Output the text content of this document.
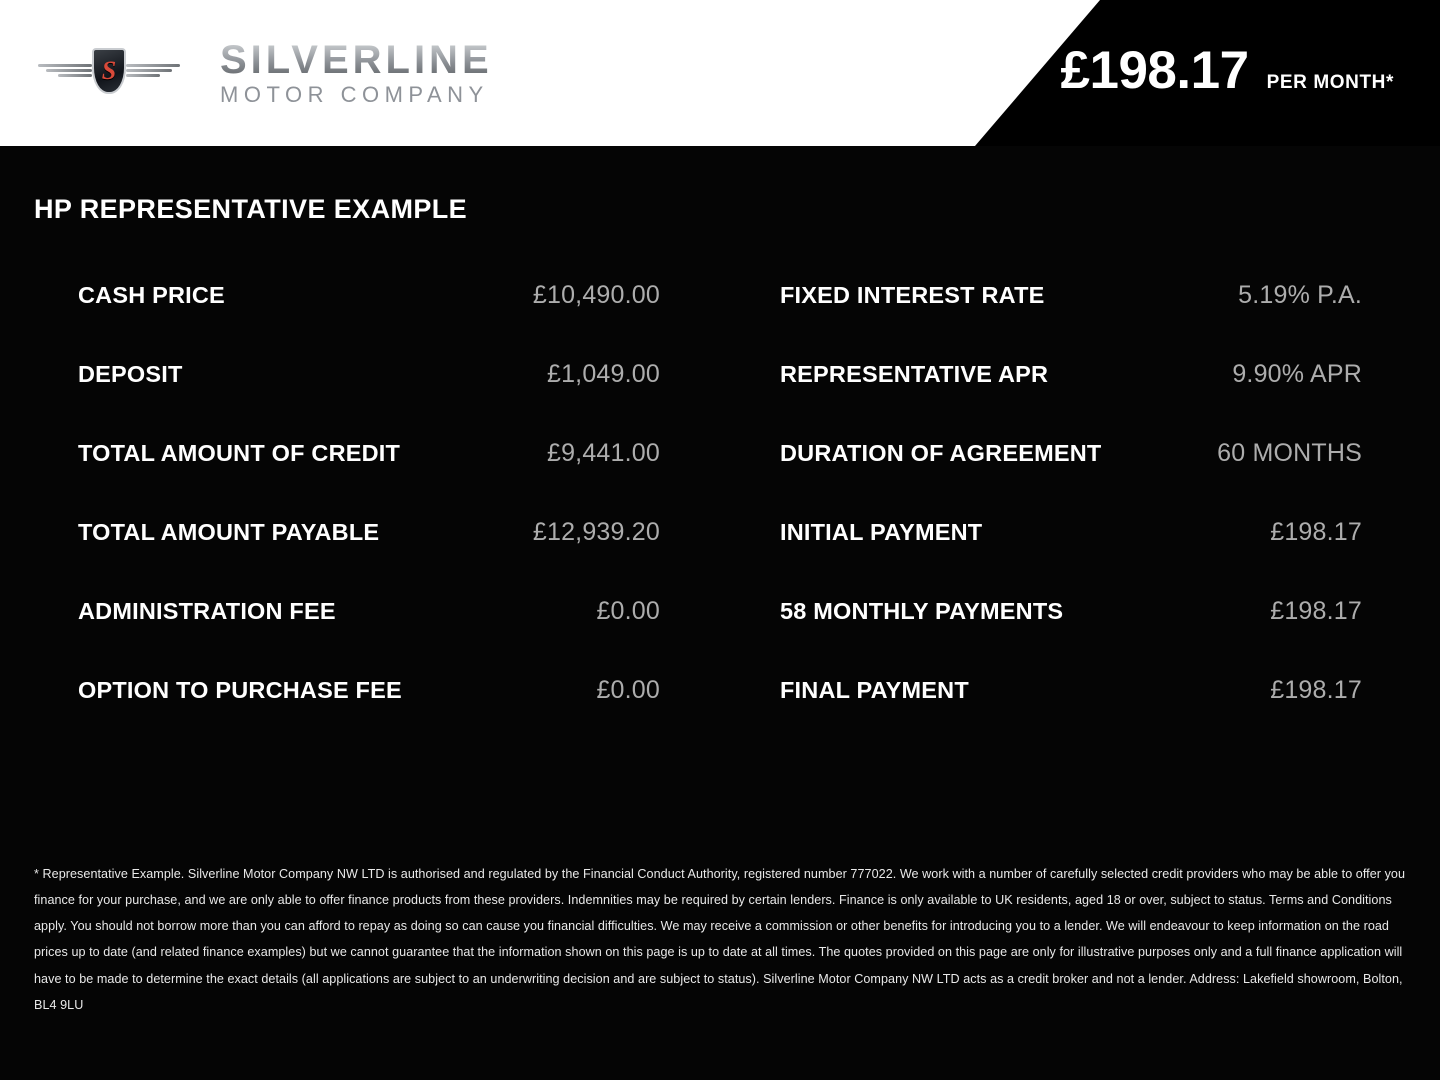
S	SILVERLINE
MOTOR COMPANY	£198.17 PER MONTH*
HP REPRESENTATIVE EXAMPLE
CASH PRICE	£10,490.00	FIXED INTEREST RATE	5.19% P.A.
DEPOSIT	£1,049.00	REPRESENTATIVE APR	9.90% APR
TOTAL AMOUNT OF CREDIT	£9,441.00	DURATION OF AGREEMENT	60 MONTHS
TOTAL AMOUNT PAYABLE	£12,939.20	INITIAL PAYMENT	£198.17
ADMINISTRATION FEE	£0.00	58 MONTHLY PAYMENTS	£198.17
OPTION TO PURCHASE FEE	£0.00	FINAL PAYMENT	£198.17
* Representative Example. Silverline Motor Company NW LTD is authorised and regulated by the Financial Conduct Authority, registered number 777022. We work with a number of carefully selected credit providers who may be able to offer you finance for your purchase, and we are only able to offer finance products from these providers. Indemnities may be required by certain lenders. Finance is only available to UK residents, aged 18 or over, subject to status. Terms and Conditions apply. You should not borrow more than you can afford to repay as doing so can cause you financial difficulties. We may receive a commission or other benefits for introducing you to a lender. We will endeavour to keep information on the road prices up to date (and related finance examples) but we cannot guarantee that the information shown on this page is up to date at all times. The quotes provided on this page are only for illustrative purposes only and a full finance application will have to be made to determine the exact details (all applications are subject to an underwriting decision and are subject to status). Silverline Motor Company NW LTD acts as a credit broker and not a lender. Address: Lakefield showroom, Bolton, BL4 9LU
